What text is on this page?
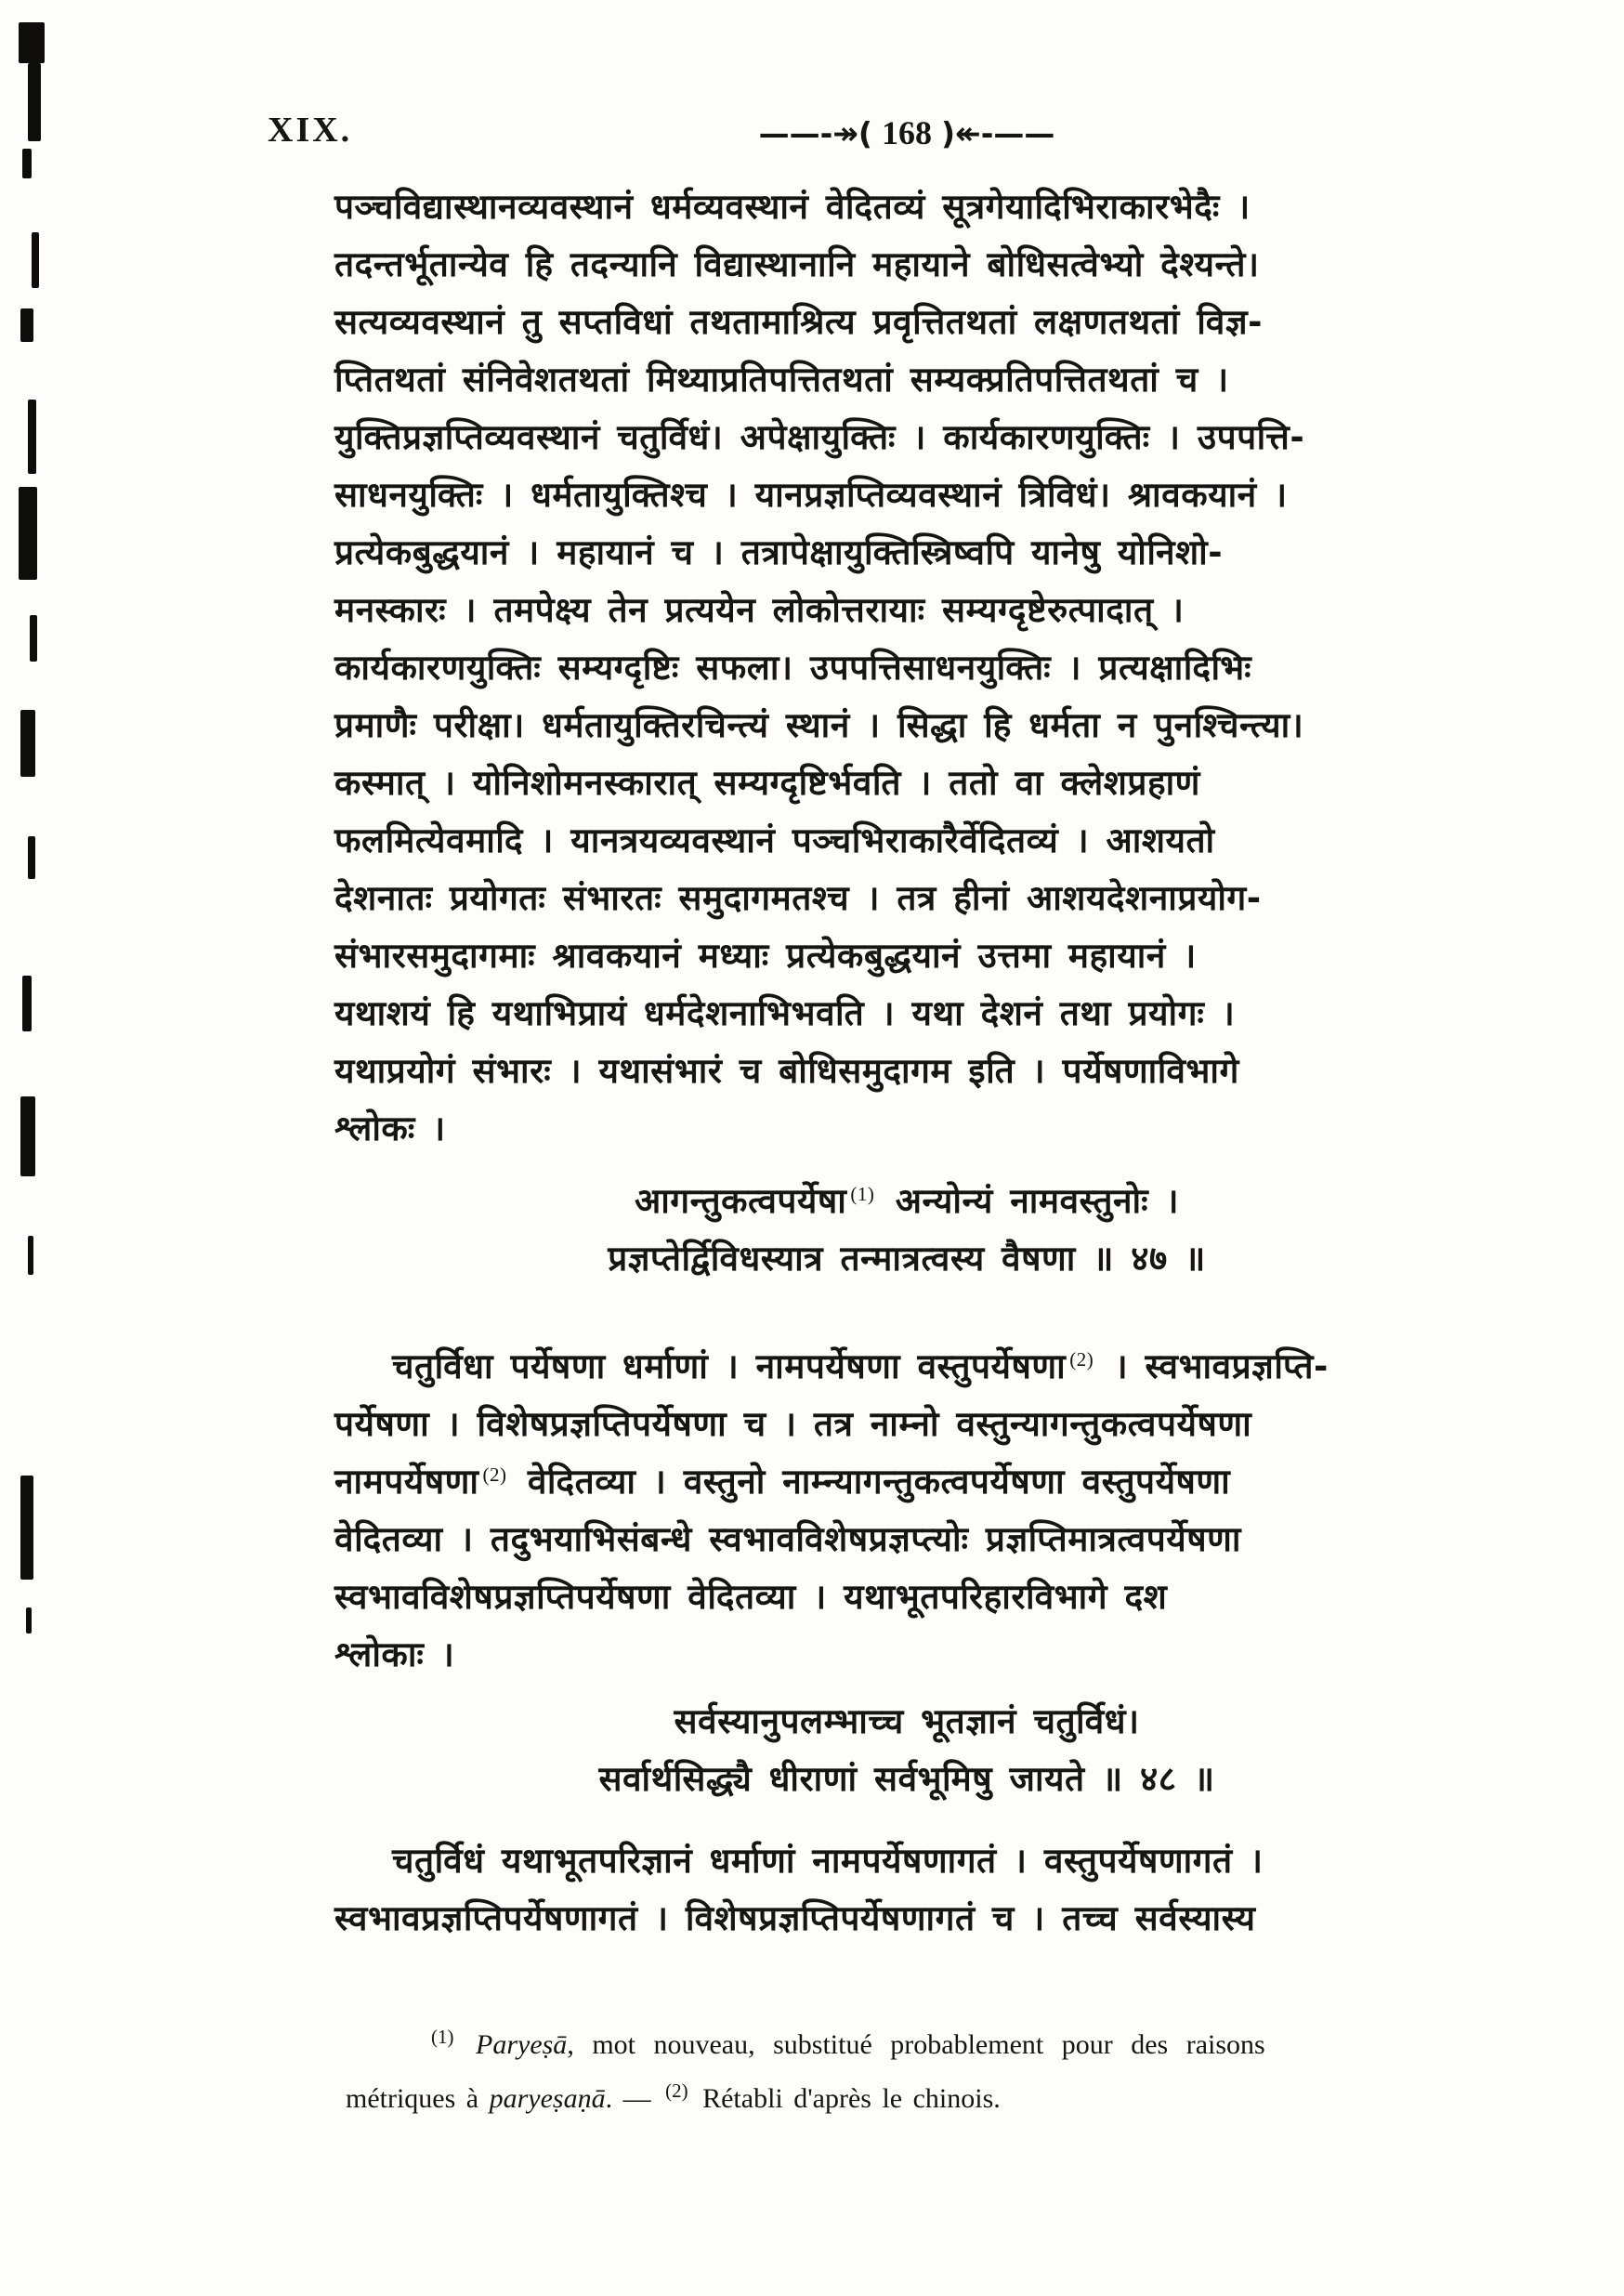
XIX.	——-↠( 168 )↞-——
पञ्चविद्यास्थानव्यवस्थानं धर्मव्यवस्थानं वेदितव्यं सूत्रगेयादिभिराकारभेदैः ।
तदन्तर्भूतान्येव हि तदन्यानि विद्यास्थानानि महायाने बोधिसत्वेभ्यो देश्यन्ते।
सत्यव्यवस्थानं तु सप्तविधां तथतामाश्रित्य प्रवृत्तितथतां लक्षणतथतां विज्ञ-
प्तितथतां संनिवेशतथतां मिथ्याप्रतिपत्तितथतां सम्यक्प्रतिपत्तितथतां च ।
युक्तिप्रज्ञप्तिव्यवस्थानं चतुर्विधं। अपेक्षायुक्तिः । कार्यकारणयुक्तिः । उपपत्ति-
साधनयुक्तिः । धर्मतायुक्तिश्च । यानप्रज्ञप्तिव्यवस्थानं त्रिविधं। श्रावकयानं ।
प्रत्येकबुद्धयानं । महायानं च । तत्रापेक्षायुक्तिस्त्रिष्वपि यानेषु योनिशो-
मनस्कारः । तमपेक्ष्य तेन प्रत्ययेन लोकोत्तरायाः सम्यग्दृष्टेरुत्पादात् ।
कार्यकारणयुक्तिः सम्यग्दृष्टिः सफला। उपपत्तिसाधनयुक्तिः । प्रत्यक्षादिभिः
प्रमाणैः परीक्षा। धर्मतायुक्तिरचिन्त्यं स्थानं । सिद्धा हि धर्मता न पुनश्चिन्त्या।
कस्मात् । योनिशोमनस्कारात् सम्यग्दृष्टिर्भवति । ततो वा क्लेशप्रहाणं
फलमित्येवमादि । यानत्रयव्यवस्थानं पञ्चभिराकारैर्वेदितव्यं । आशयतो
देशनातः प्रयोगतः संभारतः समुदागमतश्च । तत्र हीनां आशयदेशनाप्रयोग-
संभारसमुदागमाः श्रावकयानं मध्याः प्रत्येकबुद्धयानं उत्तमा महायानं ।
यथाशयं हि यथाभिप्रायं धर्मदेशनाभिभवति । यथा देशनं तथा प्रयोगः ।
यथाप्रयोगं संभारः । यथासंभारं च बोधिसमुदागम इति । पर्येषणाविभागे
श्लोकः ।
आगन्तुकत्वपर्येषा $^{(1)}$ अन्योन्यं नामवस्तुनोः ।
प्रज्ञप्तेर्द्विविधस्यात्र तन्मात्रत्वस्य वैषणा ॥ ४७ ॥
चतुर्विधा पर्येषणा धर्माणां । नामपर्येषणा वस्तुपर्येषणा $^{(2)}$ । स्वभावप्रज्ञप्ति-
पर्येषणा । विशेषप्रज्ञप्तिपर्येषणा च । तत्र नाम्नो वस्तुन्यागन्तुकत्वपर्येषणा
नामपर्येषणा $^{(2)}$ वेदितव्या । वस्तुनो नाम्न्यागन्तुकत्वपर्येषणा वस्तुपर्येषणा
वेदितव्या । तदुभयाभिसंबन्धे स्वभावविशेषप्रज्ञप्त्योः प्रज्ञप्तिमात्रत्वपर्येषणा
स्वभावविशेषप्रज्ञप्तिपर्येषणा वेदितव्या । यथाभूतपरिहारविभागे दश
श्लोकाः ।
सर्वस्यानुपलम्भाच्च भूतज्ञानं चतुर्विधं।
सर्वार्थसिद्ध्यै धीराणां सर्वभूमिषु जायते ॥ ४८ ॥
चतुर्विधं यथाभूतपरिज्ञानं धर्माणां नामपर्येषणागतं । वस्तुपर्येषणागतं ।
स्वभावप्रज्ञप्तिपर्येषणागतं । विशेषप्रज्ञप्तिपर्येषणागतं च । तच्च सर्वस्यास्य
$^{(1)}$ Paryeṣā, mot nouveau, substitué probablement pour des raisons
métriques à paryeṣaṇā. — $^{(2)}$ Rétabli d'après le chinois.
